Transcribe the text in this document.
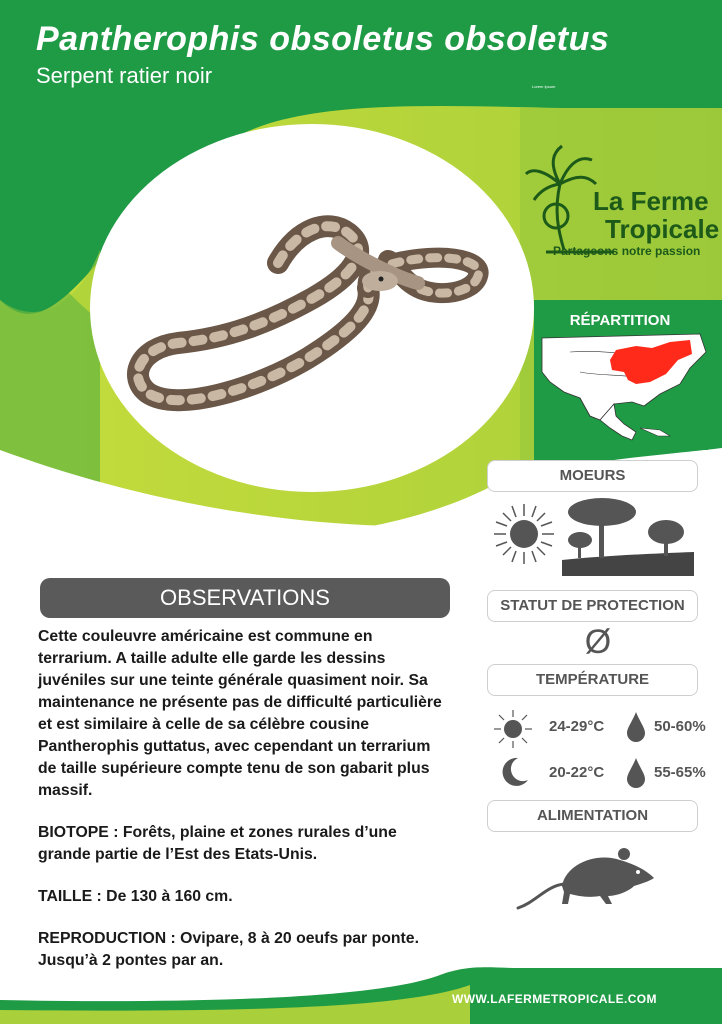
Pantherophis obsoletus obsoletus
Serpent ratier noir	Lorem Ipsum
La Ferme
Tropicale
Partageons notre passion
RÉPARTITION
MOEURS
STATUT DE PROTECTION
Ø
TEMPÉRATURE
24-29°C	50-60%
20-22°C	55-65%
ALIMENTATION
OBSERVATIONS

Cette couleuvre américaine est commune en terrarium. A taille adulte elle garde les dessins juvéniles sur une teinte générale quasiment noir. Sa maintenance ne présente pas de difficulté particulière et est similaire à celle de sa célèbre cousine Pantherophis guttatus, avec cependant un terrarium de taille supérieure compte tenu de son gabarit plus massif.

BIOTOPE : Forêts, plaine et zones rurales d’une grande partie de l’Est des Etats-Unis.

TAILLE : De 130 à 160 cm.

REPRODUCTION : Ovipare, 8 à 20 oeufs par ponte. Jusqu’à 2 pontes par an.

WWW.LAFERMETROPICALE.COM
